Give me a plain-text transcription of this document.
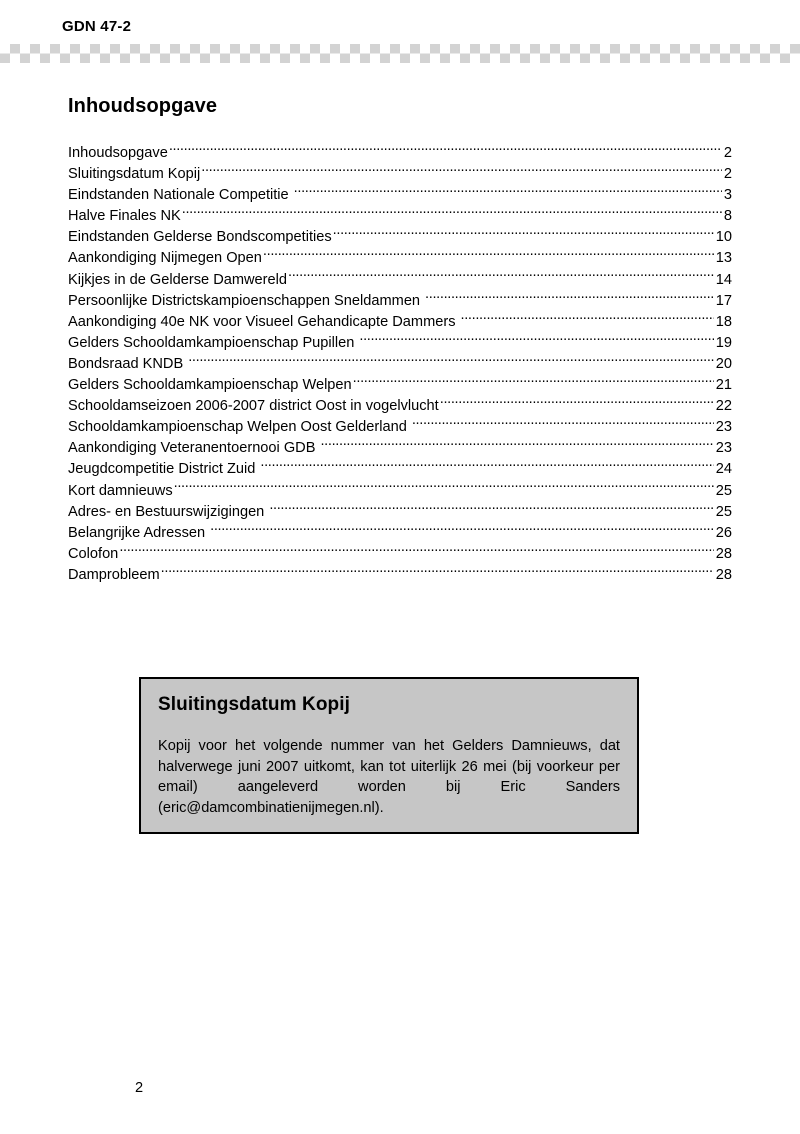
GDN 47-2
Inhoudsopgave
Inhoudsopgave .....	2
Sluitingsdatum Kopij .....	2
Eindstanden Nationale Competitie .....	3
Halve Finales NK .....	8
Eindstanden Gelderse Bondscompetities .....	10
Aankondiging Nijmegen Open .....	13
Kijkjes in de Gelderse Damwereld .....	14
Persoonlijke Districtskampioenschappen Sneldammen .....	17
Aankondiging 40e NK voor Visueel Gehandicapte Dammers .....	18
Gelders Schooldamkampioenschap Pupillen .....	19
Bondsraad KNDB .....	20
Gelders Schooldamkampioenschap Welpen .....	21
Schooldamseizoen 2006-2007 district Oost in vogelvlucht .....	22
Schooldamkampioenschap Welpen Oost Gelderland .....	23
Aankondiging Veteranentoernooi GDB .....	23
Jeugdcompetitie District Zuid .....	24
Kort damnieuws .....	25
Adres- en Bestuurswijzigingen .....	25
Belangrijke Adressen .....	26
Colofon .....	28
Damprobleem .....	28
Sluitingsdatum Kopij
Kopij voor het volgende nummer van het Gelders Damnieuws, dat halverwege juni 2007 uitkomt, kan tot uiterlijk 26 mei (bij voorkeur per email) aangeleverd worden bij Eric Sanders (eric@damcombinatienijmegen.nl).
2
